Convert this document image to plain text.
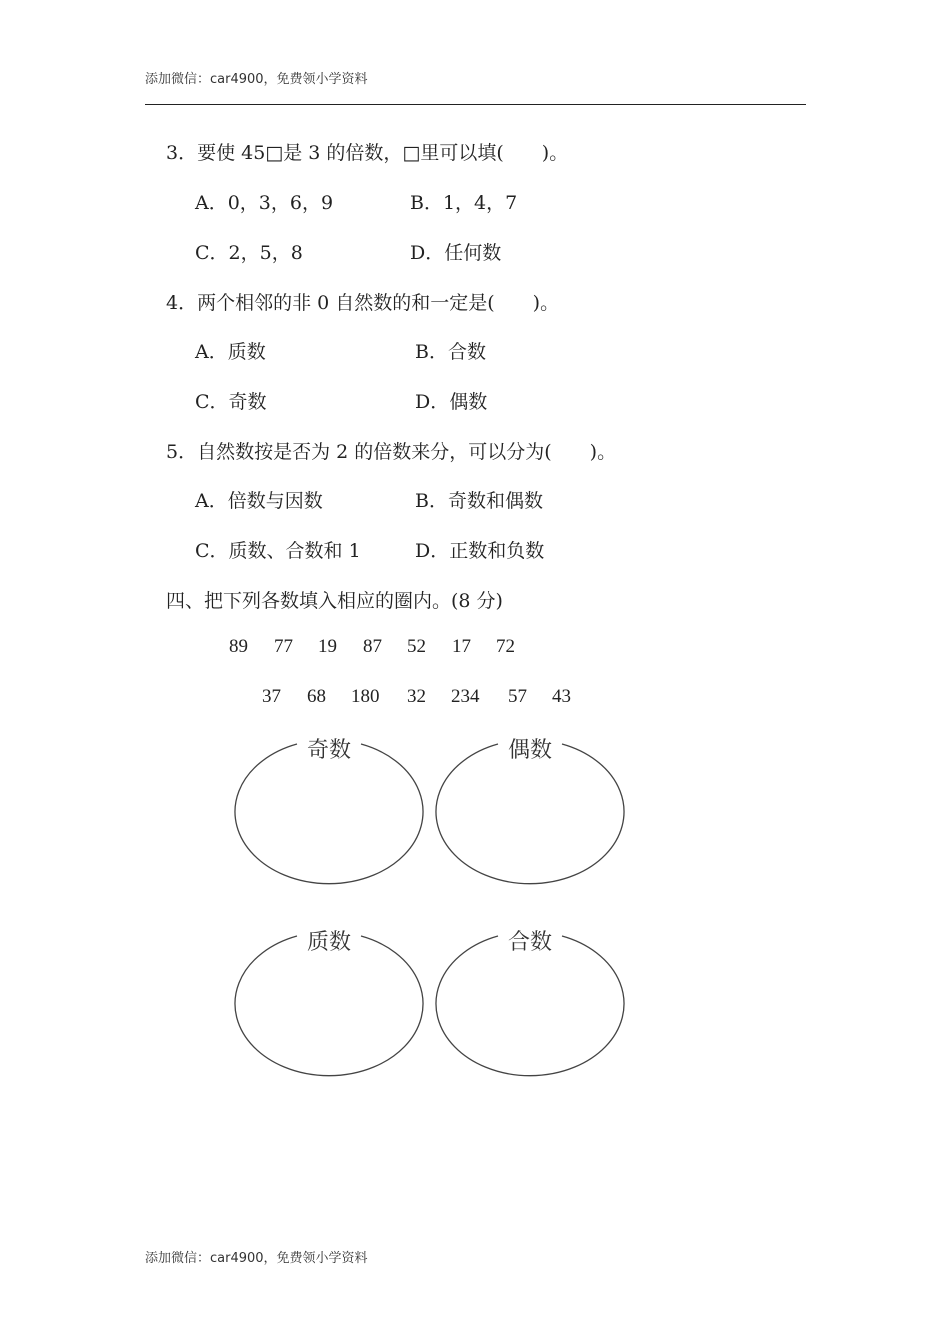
添加微信：car4900，免费领小学资料
3．要使 45□是 3 的倍数，□里可以填(　　)。
A．0，3，6，9	B．1，4，7
C．2，5，8	D．任何数
4．两个相邻的非 0 自然数的和一定是(　　)。
A．质数	B．合数
C．奇数	D．偶数
5．自然数按是否为 2 的倍数来分，可以分为(　　)。
A．倍数与因数	B．奇数和偶数
C．质数、合数和 1	D．正数和负数
四、把下列各数填入相应的圈内。(8 分)
89 77 19 87 52 17 72
37 68 180 32 234 57 43
奇数	偶数
质数	合数
添加微信：car4900，免费领小学资料
